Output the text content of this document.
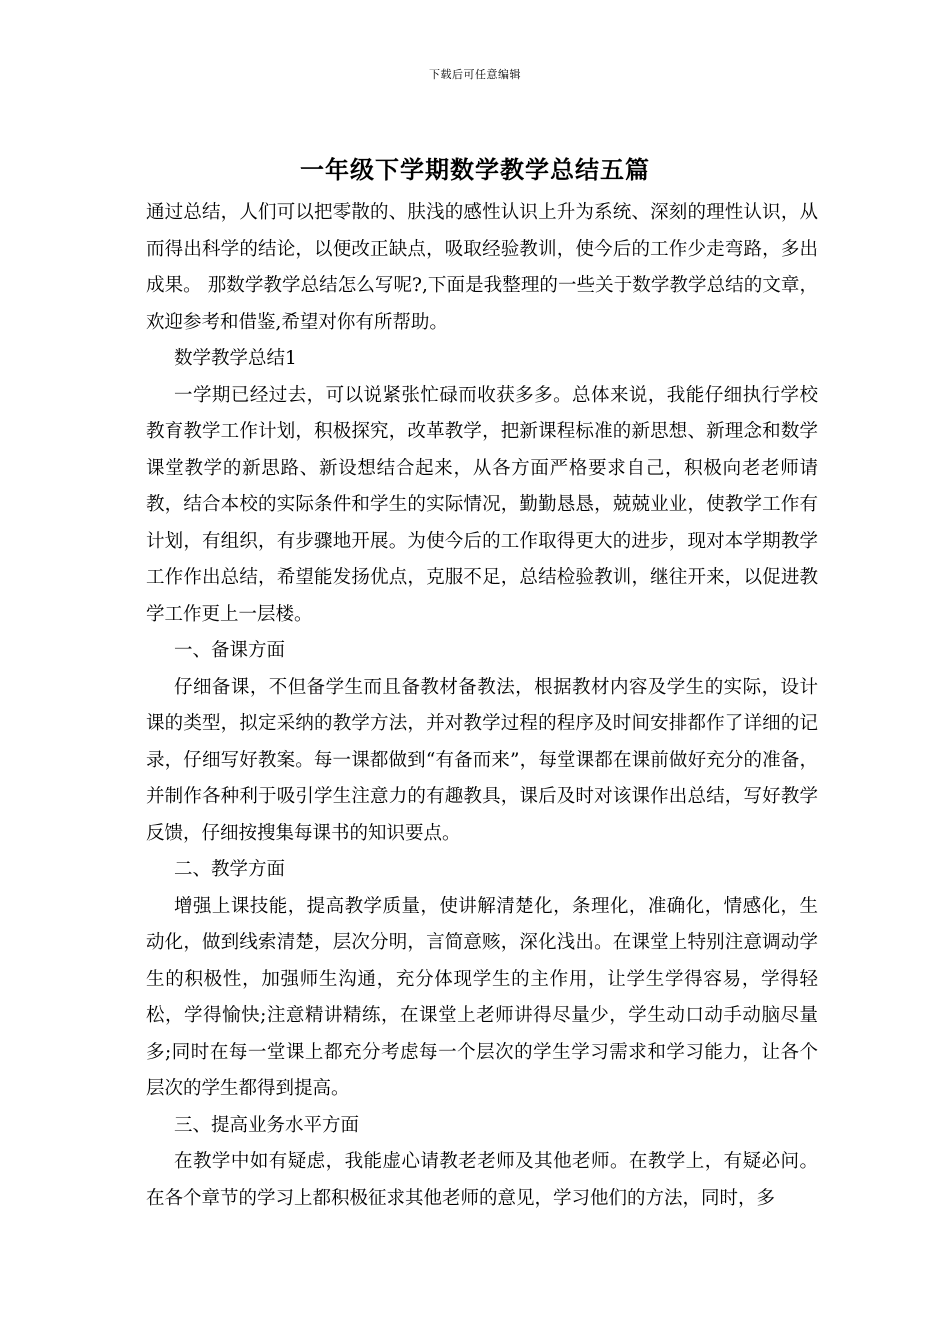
下载后可任意编辑
一年级下学期数学教学总结五篇

通过总结，人们可以把零散的、肤浅的感性认识上升为系统、深刻的理性认识，从而得出科学的结论，以便改正缺点，吸取经验教训，使今后的工作少走弯路，多出成果。 那数学教学总结怎么写呢?,下面是我整理的一些关于数学教学总结的文章，欢迎参考和借鉴,希望对你有所帮助。

数学教学总结1

一学期已经过去，可以说紧张忙碌而收获多多。总体来说，我能仔细执行学校教育教学工作计划，积极探究，改革教学，把新课程标准的新思想、新理念和数学课堂教学的新思路、新设想结合起来，从各方面严格要求自己，积极向老老师请教，结合本校的实际条件和学生的实际情况，勤勤恳恳，兢兢业业，使教学工作有计划，有组织，有步骤地开展。为使今后的工作取得更大的进步，现对本学期教学工作作出总结，希望能发扬优点，克服不足，总结检验教训，继往开来，以促进教学工作更上一层楼。

一、备课方面

仔细备课，不但备学生而且备教材备教法，根据教材内容及学生的实际，设计课的类型，拟定采纳的教学方法，并对教学过程的程序及时间安排都作了详细的记录，仔细写好教案。每一课都做到“有备而来”，每堂课都在课前做好充分的准备，并制作各种利于吸引学生注意力的有趣教具，课后及时对该课作出总结，写好教学反馈，仔细按搜集每课书的知识要点。

二、教学方面

增强上课技能，提高教学质量，使讲解清楚化，条理化，准确化，情感化，生动化，做到线索清楚，层次分明，言简意赅，深化浅出。在课堂上特别注意调动学生的积极性，加强师生沟通，充分体现学生的主作用，让学生学得容易，学得轻松，学得愉快;注意精讲精练，在课堂上老师讲得尽量少，学生动口动手动脑尽量多;同时在每一堂课上都充分考虑每一个层次的学生学习需求和学习能力，让各个层次的学生都得到提高。

三、提高业务水平方面

在教学中如有疑虑，我能虚心请教老老师及其他老师。在教学上，有疑必问。在各个章节的学习上都积极征求其他老师的意见，学习他们的方法，同时，多
